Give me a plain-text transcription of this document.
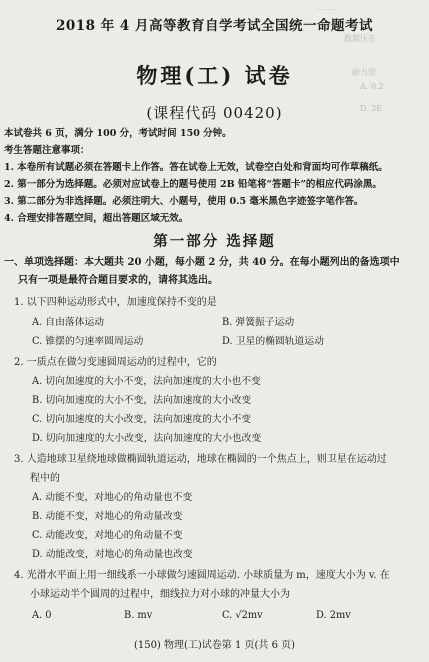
一 一
数超压在
耐力型
A. 0.2
D. 2E
2018 年 4 月高等教育自学考试全国统一命题考试
物理(工) 试卷
(课程代码 00420)
本试卷共 6 页，满分 100 分，考试时间 150 分钟。
考生答题注意事项：
1. 本卷所有试题必须在答题卡上作答。答在试卷上无效，试卷空白处和背面均可作草稿纸。
2. 第一部分为选择题。必须对应试卷上的题号使用 2B 铅笔将“答题卡”的相应代码涂黑。
3. 第二部分为非选择题。必须注明大、小题号，使用 0.5 毫米黑色字迹签字笔作答。
4. 合理安排答题空间，超出答题区域无效。
第一部分 选择题
一、单项选择题：本大题共 20 小题，每小题 2 分，共 40 分。在每小题列出的备选项中
只有一项是最符合题目要求的，请将其选出。
1. 以下四种运动形式中，加速度保持不变的是
A. 自由落体运动	B. 弹簧振子运动
C. 锥摆的匀速率圆周运动	D. 卫星的椭圆轨道运动
2. 一质点在做匀变速圆周运动的过程中，它的
A. 切向加速度的大小不变，法向加速度的大小也不变
B. 切向加速度的大小不变，法向加速度的大小改变
C. 切向加速度的大小改变，法向加速度的大小不变
D. 切向加速度的大小改变，法向加速度的大小也改变
3. 人造地球卫星绕地球做椭圆轨道运动，地球在椭圆的一个焦点上，则卫星在运动过
程中的
A. 动能不变，对地心的角动量也不变
B. 动能不变，对地心的角动量改变
C. 动能改变，对地心的角动量不变
D. 动能改变，对地心的角动量也改变
4. 光滑水平面上用一细线系一小球做匀速圆周运动. 小球质量为 m，速度大小为 v. 在
小球运动半个圆周的过程中，细线拉力对小球的冲量大小为
A. 0	B. mv	C. √2mv	D. 2mv
(150) 物理(工)试卷第 1 页(共 6 页)
